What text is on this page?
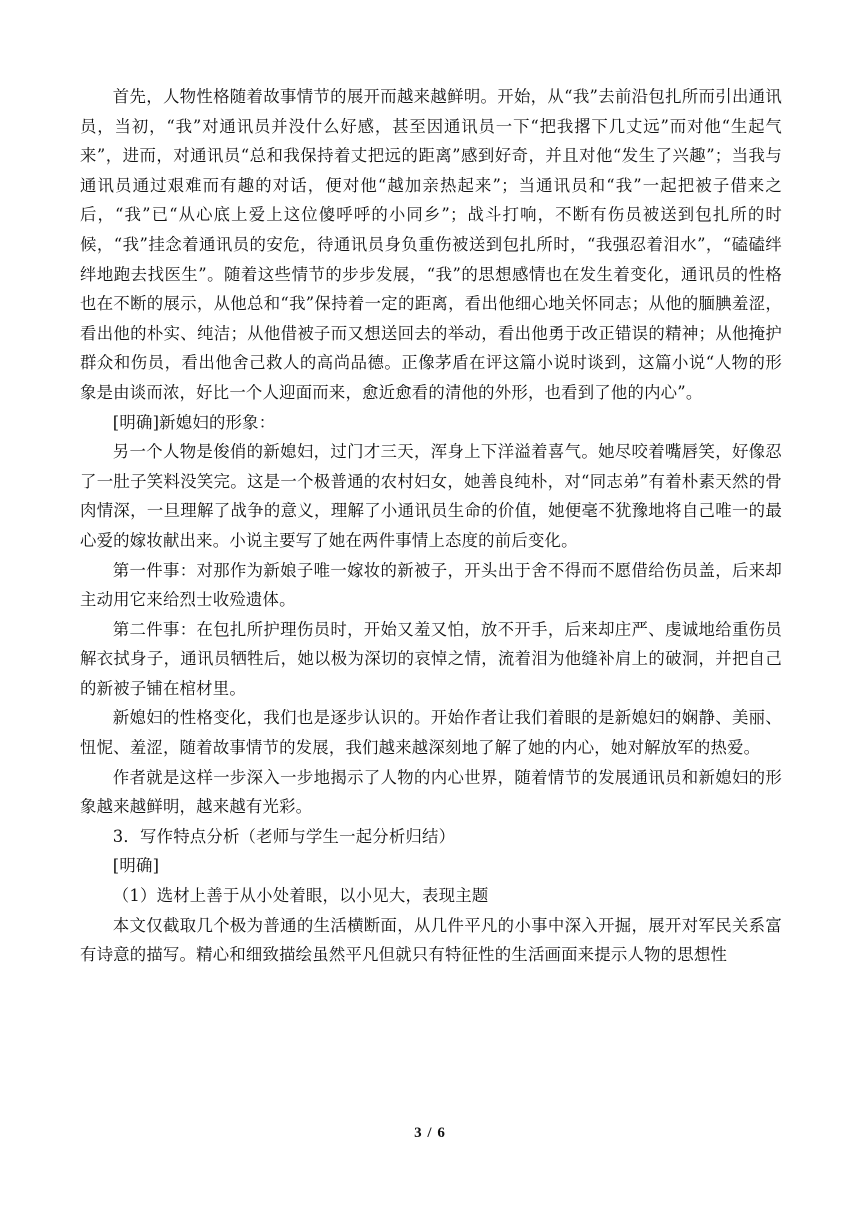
首先，人物性格随着故事情节的展开而越来越鲜明。开始，从“我”去前沿包扎所而引出通讯员，当初，“我”对通讯员并没什么好感，甚至因通讯员一下“把我撂下几丈远”而对他“生起气来”，进而，对通讯员“总和我保持着丈把远的距离”感到好奇，并且对他“发生了兴趣”；当我与通讯员通过艰难而有趣的对话，便对他“越加亲热起来”；当通讯员和“我”一起把被子借来之后，“我”已“从心底上爱上这位傻呼呼的小同乡”；战斗打响，不断有伤员被送到包扎所的时候，“我”挂念着通讯员的安危，待通讯员身负重伤被送到包扎所时，“我强忍着泪水”，“磕磕绊绊地跑去找医生”。随着这些情节的步步发展，“我”的思想感情也在发生着变化，通讯员的性格也在不断的展示，从他总和“我”保持着一定的距离，看出他细心地关怀同志；从他的腼腆羞涩，看出他的朴实、纯洁；从他借被子而又想送回去的举动，看出他勇于改正错误的精神；从他掩护群众和伤员，看出他舍己救人的高尚品德。正像茅盾在评这篇小说时谈到，这篇小说“人物的形象是由谈而浓，好比一个人迎面而来，愈近愈看的清他的外形，也看到了他的内心”。

[明确]新媳妇的形象：

另一个人物是俊俏的新媳妇，过门才三天，浑身上下洋溢着喜气。她尽咬着嘴唇笑，好像忍了一肚子笑料没笑完。这是一个极普通的农村妇女，她善良纯朴，对“同志弟”有着朴素天然的骨肉情深，一旦理解了战争的意义，理解了小通讯员生命的价值，她便毫不犹豫地将自己唯一的最心爱的嫁妆献出来。小说主要写了她在两件事情上态度的前后变化。

第一件事：对那作为新娘子唯一嫁妆的新被子，开头出于舍不得而不愿借给伤员盖，后来却主动用它来给烈士收殓遗体。

第二件事：在包扎所护理伤员时，开始又羞又怕，放不开手，后来却庄严、虔诚地给重伤员解衣拭身子，通讯员牺牲后，她以极为深切的哀悼之情，流着泪为他缝补肩上的破洞，并把自己的新被子铺在棺材里。

新媳妇的性格变化，我们也是逐步认识的。开始作者让我们着眼的是新媳妇的娴静、美丽、忸怩、羞涩，随着故事情节的发展，我们越来越深刻地了解了她的内心，她对解放军的热爱。

作者就是这样一步深入一步地揭示了人物的内心世界，随着情节的发展通讯员和新媳妇的形象越来越鲜明，越来越有光彩。

3．写作特点分析（老师与学生一起分析归结）

[明确]

（1）选材上善于从小处着眼，以小见大，表现主题

本文仅截取几个极为普通的生活横断面，从几件平凡的小事中深入开掘，展开对军民关系富有诗意的描写。精心和细致描绘虽然平凡但就只有特征性的生活画面来提示人物的思想性

3 / 6
